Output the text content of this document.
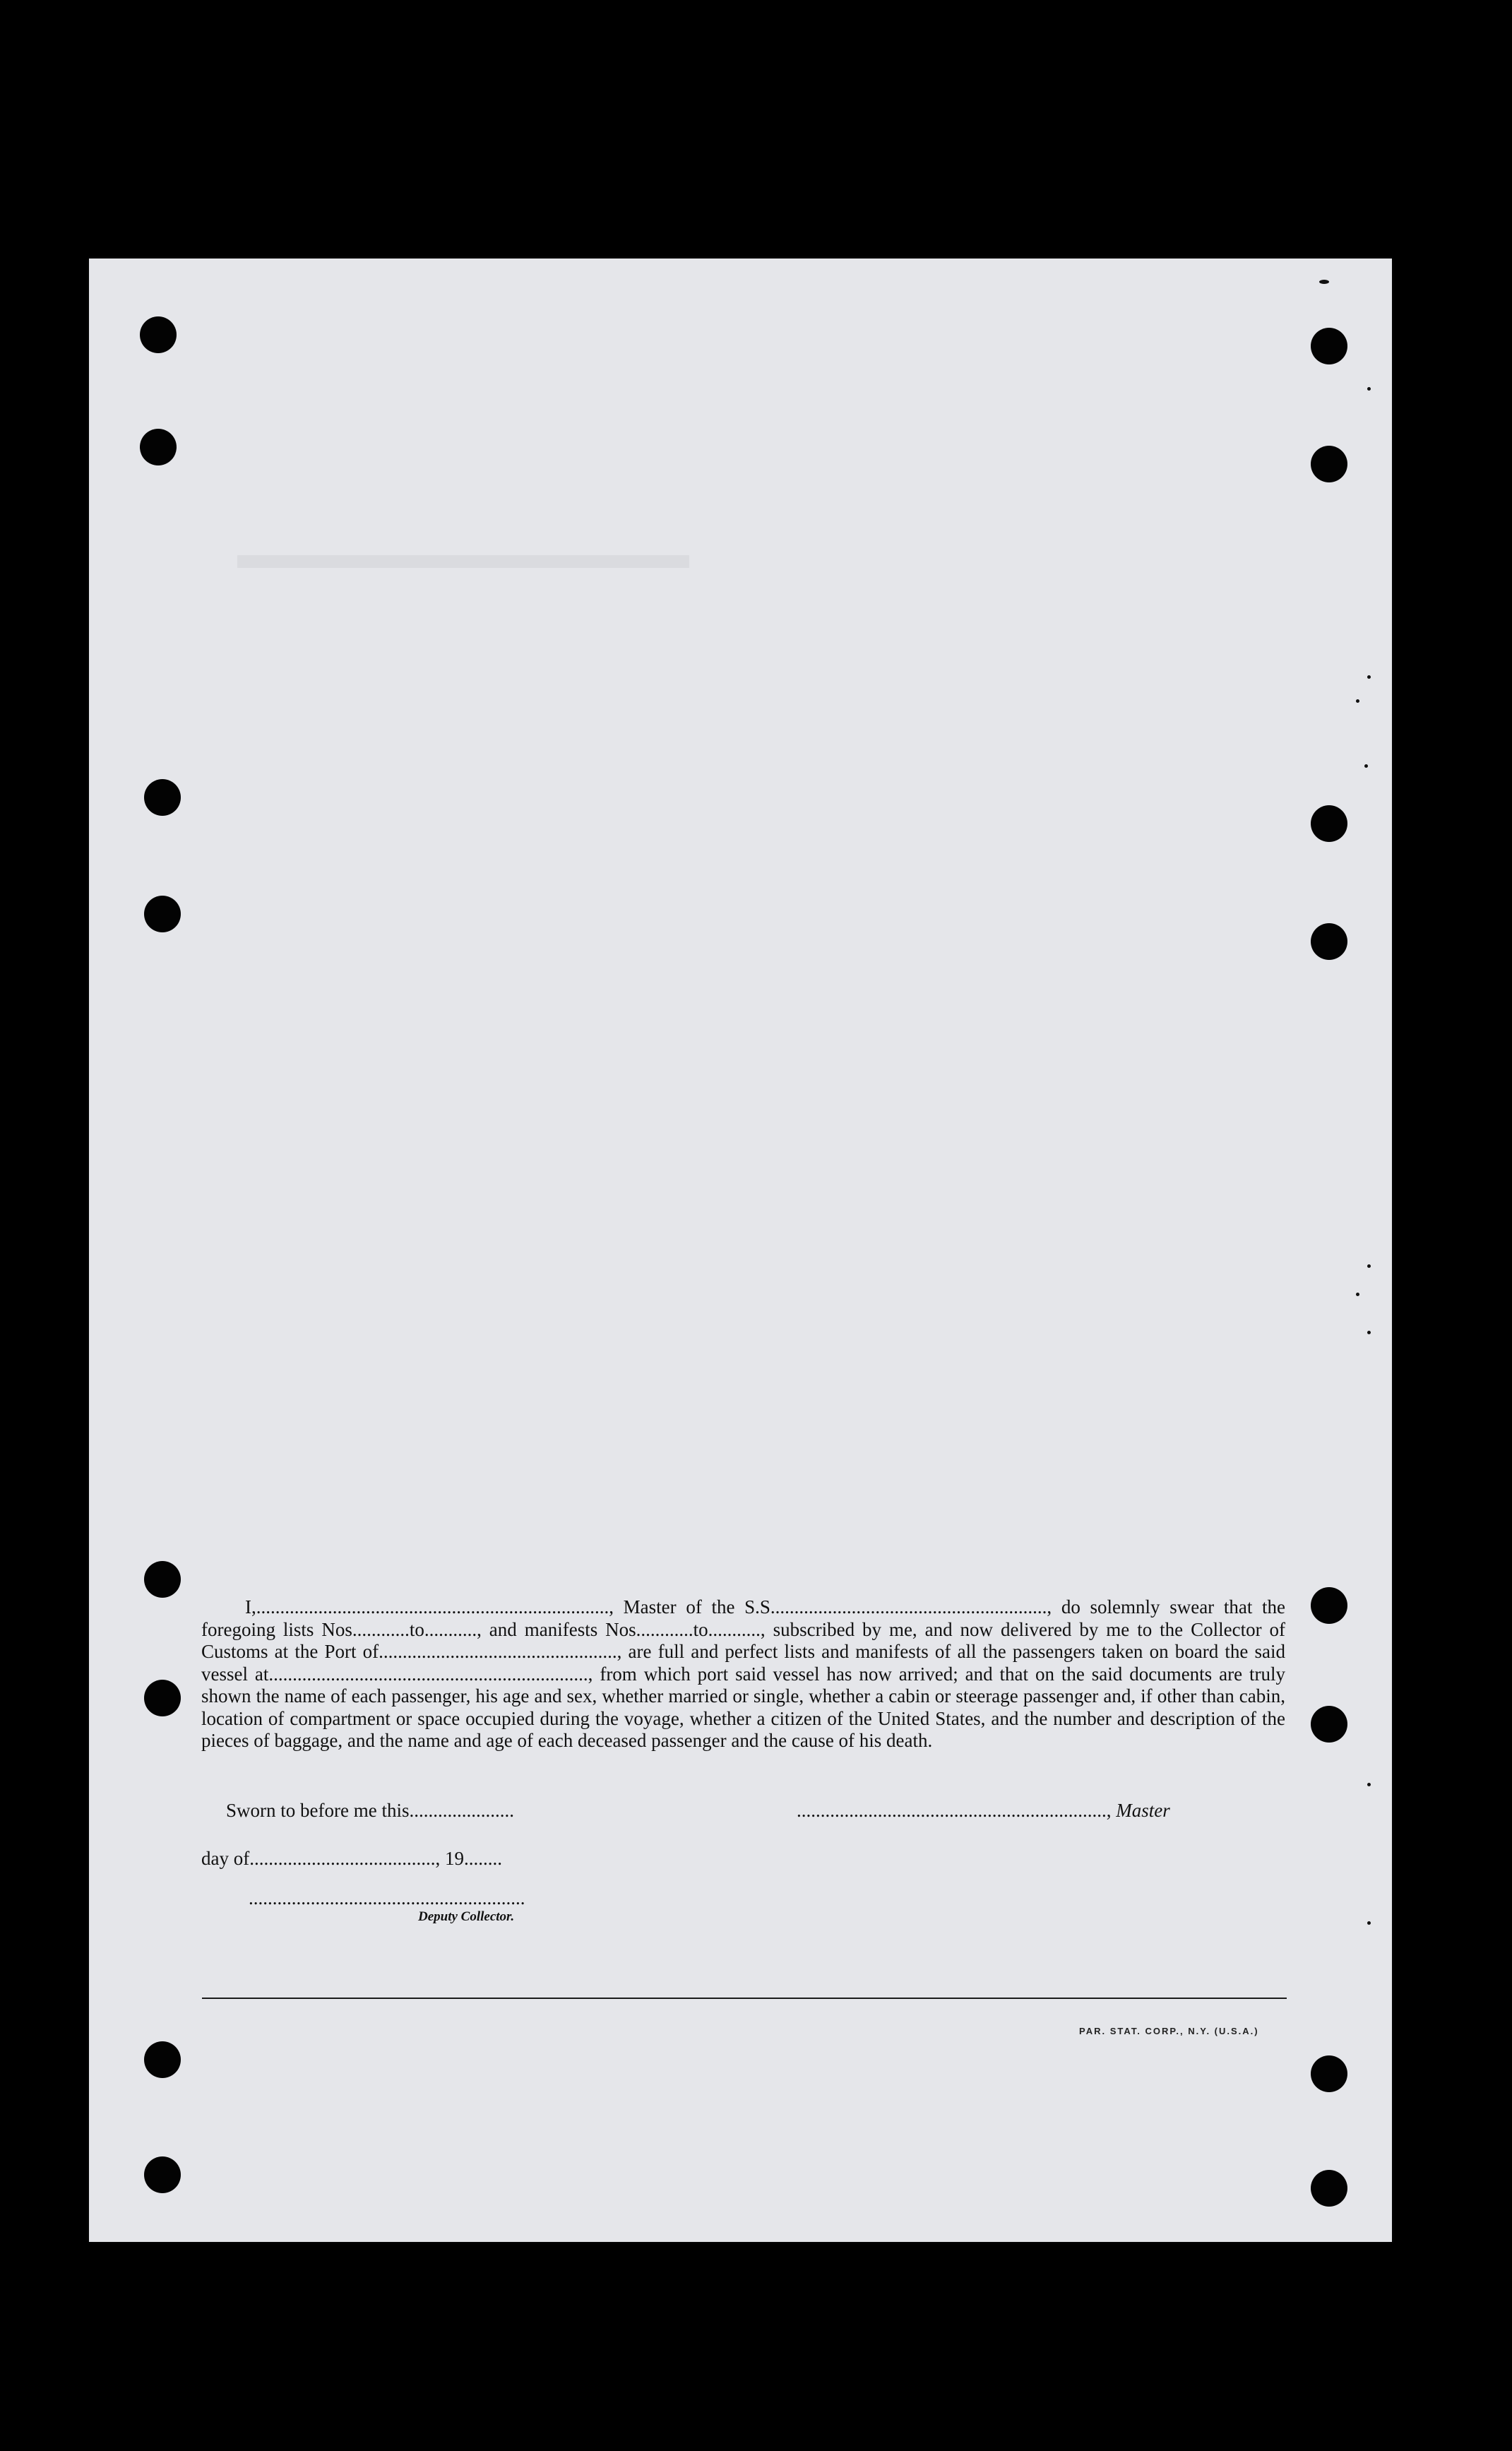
I,.........................................................................., Master of the S.S.........................................................., do solemnly swear that the foregoing lists Nos............to..........., and manifests Nos............to..........., subscribed by me, and now delivered by me to the Collector of Customs at the Port of.................................................., are full and perfect lists and manifests of all the passengers taken on board the said vessel at..................................................................., from which port said vessel has now arrived; and that on the said documents are truly shown the name of each passenger, his age and sex, whether married or single, whether a cabin or steerage passenger and, if other than cabin, location of compartment or space occupied during the voyage, whether a citizen of the United States, and the number and description of the pieces of baggage, and the name and age of each deceased passenger and the cause of his death.

Sworn to before me this......................	................................................................., Master
day of......................................., 19........
..........................................................
Deputy Collector.
PAR. STAT. CORP., N.Y. (U.S.A.)
